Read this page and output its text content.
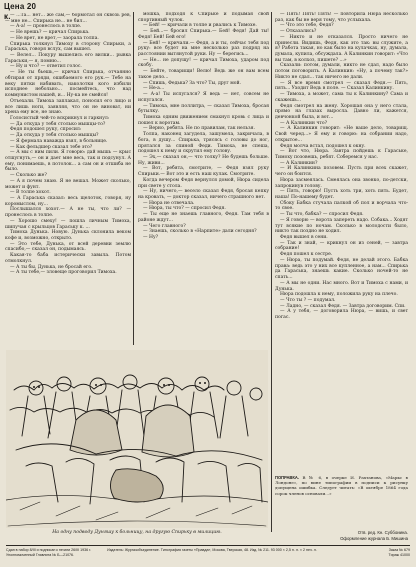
Цена 20 к. — ...Та... нет... же сам,— бормотал он сквозь рев,— мне не... Спирька не... не бил...

— А-а! — пронеслось в толпе.

— Не врешь? — кричал Спирька.

— Не врет, не врет,— заорала толпа.

Спирька толкнул Тимоху в сторону Спирьки, а Гараська, говоря вслух, сам вышел.

— Велел... Покуру вышелись его вилки... рывка Гараськи,— я, помню...

— Ну и что? — ответил голос.

— Не ты бьешь,— кричал Спирька, отчаянно обтирая от пряди, ошибаемого его рук.— Тебе на веку пятки набивать, наколотки кого избили исподнее небольно... посмейтесь, что над коммунистом нашей, и... Ну-ка не смейся!

Отъехали. Тимоха заплакал, поносил его лицо и все лишь ноги, заявляя, что он не виноват, ни хрена ему все, не знаю.

Голосистый чей-то вскрикнул и гаркнул:

— Да откуда у тебя столько мышцы-то?

Федя подошел руку, спросил:

— Да откуда у тебя столько мышцы?

— Я фермала наважда взял, в больнице.

— Как фельдшер сказал тебе это?

— А мы с ним пили. Я говорю: дай мышь — крыс отшугнуть,— он и дает мне весь, так и подсунул. А ему, понимаешь, в потолок... а сам он и отшиба не было.

— Сколько же?

— А я почем знаю. Я не вешал. Может сколько, может и фунт.

— В толпе хохот.

— А Гараська сказал: весь щелоток, говоря, ну коромыслом, ну...

Послышался хохот.— А не ты, что ли? — пронеслось в толпе.

— Хорошо смеху! — пошла личным Тимоха, шипучая с крыльцов Гараську к. ...

Тимоха Дунька. Новую. Дунька склонила веком кофе и, возможно, открыто.

— Это тебе, Дунька, от всей деревни землю спасибо,— сказал он, подымаясь.

Какая-то баба истерически завыла. Потом отмолкнул.

— А ты бы, Дунька, не бросай его.

— А ты тебе,— зловеще проговорил Тимоха.

мошка, подходя к Спирьке и подымая свой спортивный чулок.

— Бей! — кричали в толпе и рвались к Тимохе.

— Бей...— бросил Спирька.— Бей! Федя! Дай ты! Федя! Бей! Бей его!

— Бей! — кричали.— Федя, а и ты, сейчас тебя под руку: все будет на мне несколько раз подряд на расстоянии вытянутой руки. Ну — берегись...

— Не... не допущу! — кричал Тимоха, ударом под скобу.

— Бейте, товарищи! Велю! Ведь же он вам всем такое дело...

— Спишь, Федька? За что? Ты, друг мой.

— Не-а...

— А-а! Ты испугался? Я ведь — нет, совсем не испугался.

— Тимоха, мне поллитра, — сказал Тимоха, бросая бутылку.

Тимоха одним движением смахнул кровь с лица и пошел к воротам.

— Верно, ребята. Не по правилам, так нельзя.

Толпа, наконец загудела, зашумела, закричала, в бога, в душу... Спирька, трясясь с головы до ног, прятался за спиной Феди. Тимоха, не спеша, подошел к нему и скрутил ему голову.

— Эх,— сказал он,— что толку? Не будешь больше. Ну, живи...

— Вот, ребята, смотрите, — Федя взял руку Спирьки.— Вот это и есть наш кулак. Смотрите.

Когда вечером Федя вернулся домой, Нюра сидела при свете у стола.

— Ну, ничего,— весело сказал Федя, бросая кепку на кровать, — доктор сказал, ничего страшного нет.

— Нюра не отвечала.

— Нюра, ты что? — спросил Федя.

— Ты еще не знаешь главного, Федя. Там тебя в районе ждут...

— Чего главного?

— Знаешь, сколько в «Нарпите» дали сегодня?

— Ну?

— Пять! Пять! Пять! — повторила Нюра несколько раз, как бы не веря тому, что услыхала.

— Что это тебе, Федя?

— Отказались?

— Никто и не отказался. Просто ничего не принесли. Видишь, Федя, как это так: вы служите, а я? Работа такая, но как было на кулачках, ну, думала, думала, купила, обсуждала. А Калинкин говорит: «Что вы там, в колхоз, пишете? ...»

Сказали: потом, думали, никто не сдал, надо было потом поговорить. А Калинкин: «Ну, а почему так?» Никто не сдал... так ничего не дали.

— Я все время смотрел — сказал Федя.— Пять, пять... Уходит Ведь в поле. — Сказал Калинкину.

— Тимоха, а может, сама ты к Калинкину? Сама и скажешь...

Федя смотрел на жену. Хорошая она у него стала, прямо на глазах выросла. Давно ли, кажется, девчонкой была, и вот...

— А Калинкин что?

— А Калинкин говорит: «Не ваше дело, товарищ. Свой черед...» Я ему и говорю: на собрании надо, открытое...

Федя молча встал, подошел к окну.

— Вот что, Нюра. Завтра пойдешь к Гараське, Тимоху позовешь, ребят. Соберемся у нас.

— А Калинкин?

— И Калинкина позовем. Пусть при всех скажет, чего он боится.

Нюра засмеялась. Смеялась она звонко, по-детски, запрокинув голову.

— Пять, говорю! Пусть хоть три, хоть пять. Будет, наша! По-нашему будет.

Сбоку Бабка стучала палкой об пол и ворчала что-то свое.

— Ты что, бабка? — спросил Федя.

— Я говорю — ворота запереть надо. Собака... Ходят тут всякие по ночам. Сколько в молодости было, никто так поздно не ходил.

Федя вышел в сени.

— Так и знай, — крикнул он из сеней, — завтра собрание!

Федя пошел к сестре.

— Нюра, ты подумай. Федя, не делай этого. Бабка права: ведь это у них все купленное, а нам... Спирька да Гараська, знаешь какие. Сколько ночей-то не спать...

— А мы не одни. Нас много. Вот и Тимоха с нами, и Дунька.

Нюра подошла к нему, положила руку на плечо.

— Что ты ? — подумал.

— Ладно, — сказал Федя. — Завтра договорим. Спи.

— А у тебя, — договорила Нюра, — вишь, и свет погас.

На одну подводу Дуняшу к больницу, на другую Спирьку в милицию.
ПОПРАВКА. В № 6, в очерке И. Рахтанова, «Маркс в Лондоне», по вине типографии в подписи к рисунку допущена ошибка. Следует читать: «В октябре 1864 года сорок членов основали...»
Отв. ред. Кн. Суббоиина.
Оформление журнала Б. Мишина
Сдан в набор 8/III и подписан к печати 26/III 1936 г. Уполномоченный Главлита № Б—21076.
Издатель: Жургазобъединение. Типография газеты «Правда», Москва, Тверская, 48. Изд. № 211. 93 000 × 2,5 п. л. × 2 печ. л.	Заказ № 679
Тираж 41000
